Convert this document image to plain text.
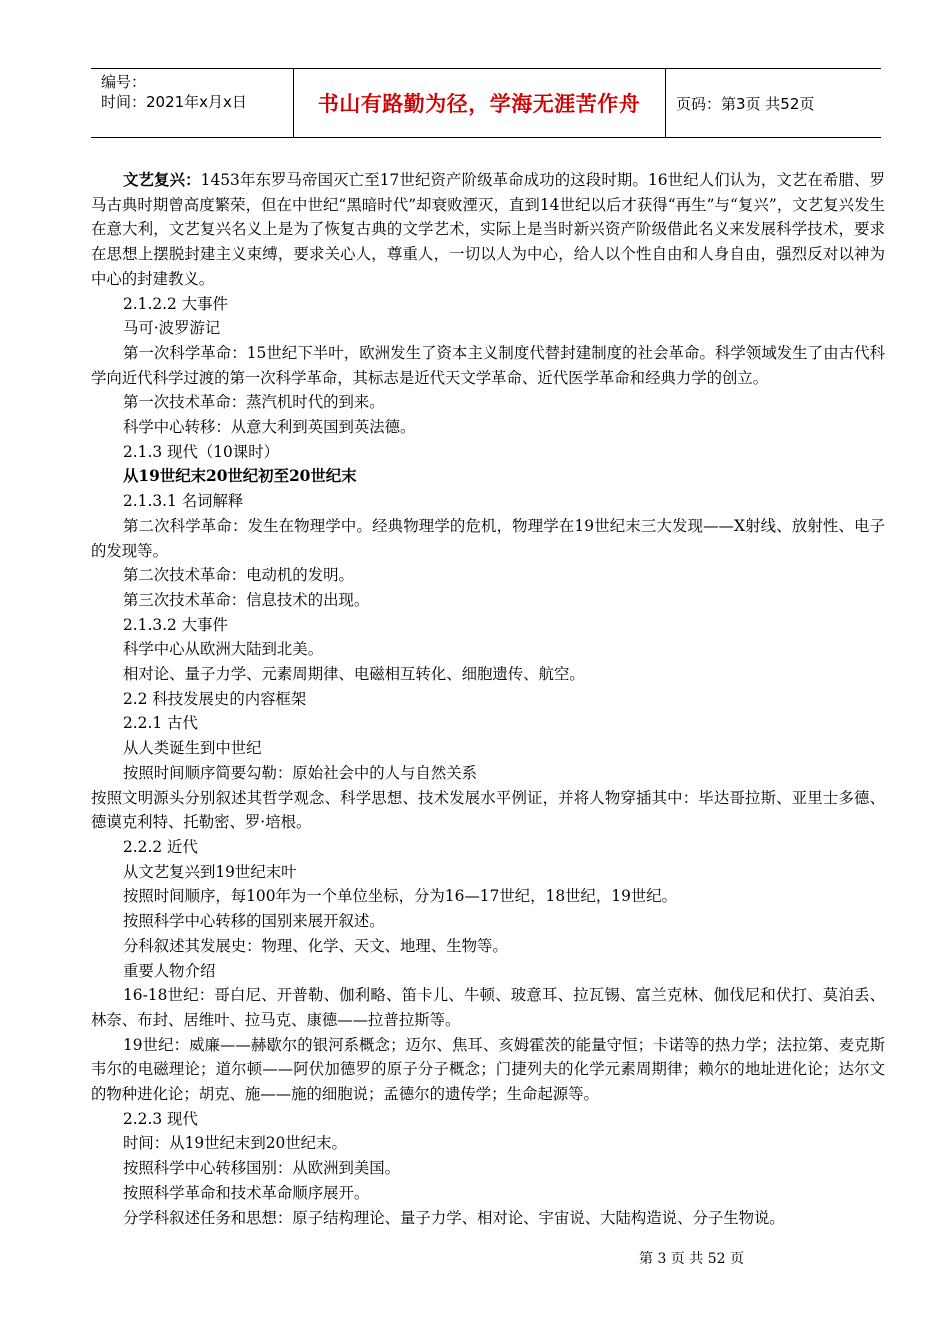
编号：
时间：2021年x月x日	书山有路勤为径，学海无涯苦作舟 页码：第3页 共52页

文艺复兴：1453年东罗马帝国灭亡至17世纪资产阶级革命成功的这段时期。16世纪人们认为，文艺在希腊、罗马古典时期曾高度繁荣，但在中世纪“黑暗时代”却衰败湮灭，直到14世纪以后才获得“再生”与“复兴”，文艺复兴发生在意大利，文艺复兴名义上是为了恢复古典的文学艺术，实际上是当时新兴资产阶级借此名义来发展科学技术，要求在思想上摆脱封建主义束缚，要求关心人，尊重人，一切以人为中心，给人以个性自由和人身自由，强烈反对以神为中心的封建教义。

2.1.2.2 大事件

马可·波罗游记

第一次科学革命：15世纪下半叶，欧洲发生了资本主义制度代替封建制度的社会革命。科学领域发生了由古代科学向近代科学过渡的第一次科学革命，其标志是近代天文学革命、近代医学革命和经典力学的创立。

第一次技术革命：蒸汽机时代的到来。

科学中心转移：从意大利到英国到英法德。

2.1.3 现代（10课时）

从19世纪末20世纪初至20世纪末

2.1.3.1 名词解释

第二次科学革命：发生在物理学中。经典物理学的危机，物理学在19世纪末三大发现——X射线、放射性、电子的发现等。

第二次技术革命：电动机的发明。

第三次技术革命：信息技术的出现。

2.1.3.2 大事件

科学中心从欧洲大陆到北美。

相对论、量子力学、元素周期律、电磁相互转化、细胞遗传、航空。

2.2 科技发展史的内容框架

2.2.1 古代

从人类诞生到中世纪

按照时间顺序简要勾勒：原始社会中的人与自然关系

按照文明源头分别叙述其哲学观念、科学思想、技术发展水平例证，并将人物穿插其中：毕达哥拉斯、亚里士多德、德谟克利特、托勒密、罗·培根。

2.2.2 近代

从文艺复兴到19世纪末叶

按照时间顺序，每100年为一个单位坐标，分为16—17世纪，18世纪，19世纪。

按照科学中心转移的国别来展开叙述。

分科叙述其发展史：物理、化学、天文、地理、生物等。

重要人物介绍

16-18世纪：哥白尼、开普勒、伽利略、笛卡儿、牛顿、玻意耳、拉瓦锡、富兰克林、伽伐尼和伏打、莫泊丢、林奈、布封、居维叶、拉马克、康德——拉普拉斯等。

19世纪：威廉——赫歇尔的银河系概念；迈尔、焦耳、亥姆霍茨的能量守恒；卡诺等的热力学；法拉第、麦克斯韦尔的电磁理论；道尔顿——阿伏加德罗的原子分子概念；门捷列夫的化学元素周期律；赖尔的地址进化论；达尔文的物种进化论；胡克、施——施的细胞说；孟德尔的遗传学；生命起源等。

2.2.3 现代

时间：从19世纪末到20世纪末。

按照科学中心转移国别：从欧洲到美国。

按照科学革命和技术革命顺序展开。

分学科叙述任务和思想：原子结构理论、量子力学、相对论、宇宙说、大陆构造说、分子生物说。

第 3 页 共 52 页
